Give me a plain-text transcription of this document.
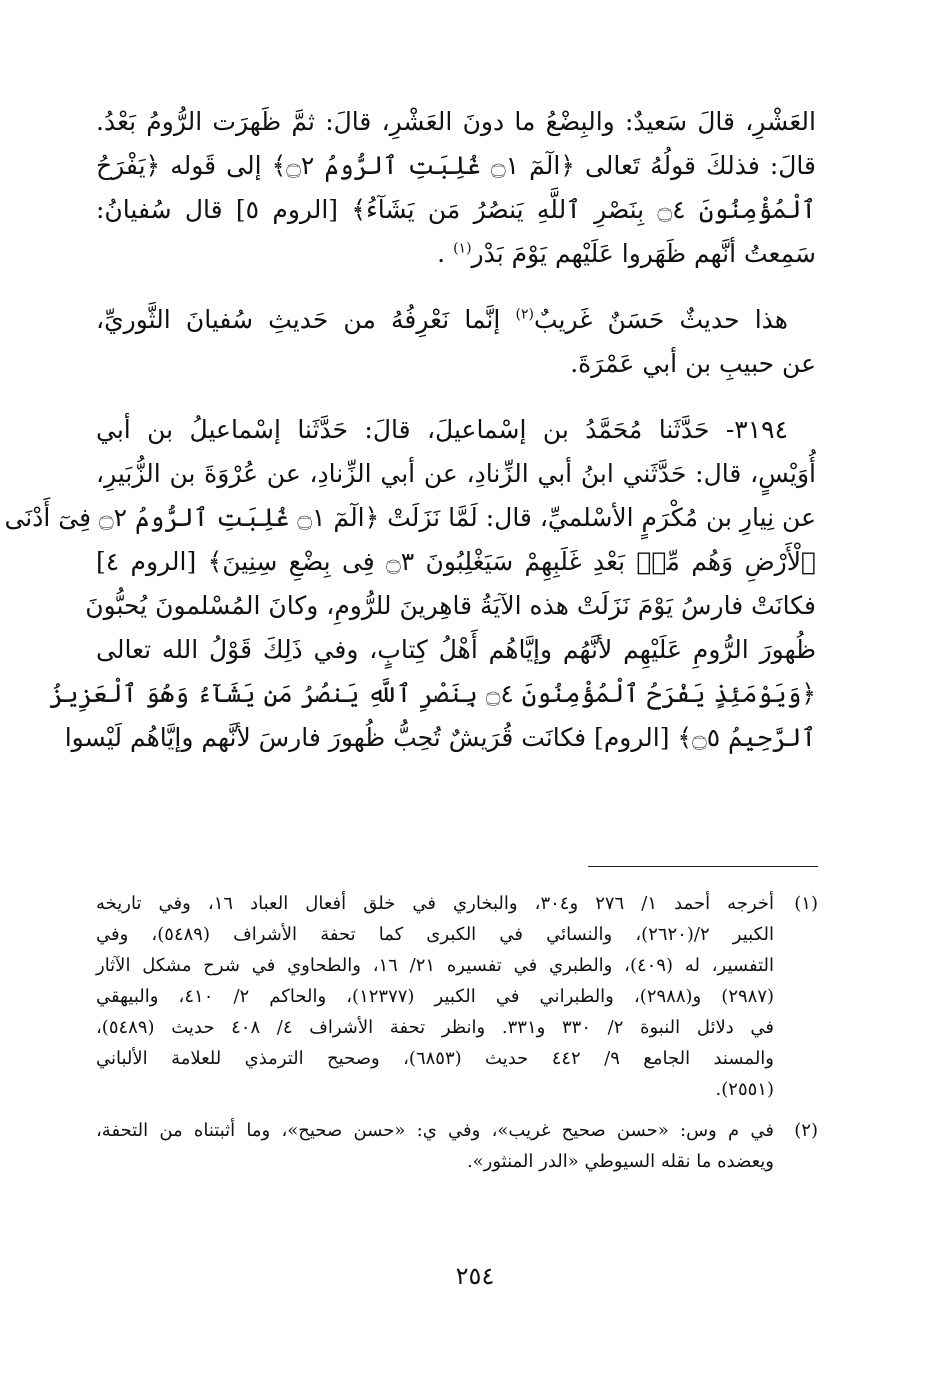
العَشْرِ، قالَ سَعيدٌ: والبِضْعُ ما دونَ العَشْرِ، قالَ: ثمَّ ظَهرَت الرُّومُ بَعْدُ.
قالَ: فذلكَ قولُهُ تَعالى ﴿الٓمٓ ۝١ غُلِبَتِ ٱلرُّومُ ۝٢﴾ إلى قَوله ﴿يَفْرَحُ
ٱلْمُؤْمِنُونَ ۝٤ بِنَصْرِ ٱللَّهِ يَنصُرُ مَن يَشَآءُ﴾ [الروم ٥] قال سُفيانُ:
سَمِعتُ أنَّهم ظَهَروا عَلَيْهم يَوْمَ بَدْر$^{(١)}$ .

هذا حديثٌ حَسَنٌ غَريبٌ$^{(٢)}$ إنَّما نَعْرِفُهُ من حَديثِ سُفيانَ الثَّوريِّ،
عن حبيبِ بن أبي عَمْرَةَ.

٣١٩٤- حَدَّثَنا مُحَمَّدُ بن إسْماعيلَ، قالَ: حَدَّثَنا إسْماعيلُ بن أبي
أُوَيْسٍ، قال: حَدَّثَني ابنُ أبي الزِّنادِ، عن أبي الزِّنادِ، عن عُرْوَةَ بن الزُّبَيرِ،
عن نِيارِ بن مُكْرَمٍ الأسْلميِّ، قال: لَمَّا نَزَلَتْ ﴿الٓمٓ ۝١ غُلِبَتِ ٱلرُّومُ ۝٢ فِىٓ أَدْنَى
ٱلْأَرْضِ وَهُم مِّنۢ بَعْدِ غَلَبِهِمْ سَيَغْلِبُونَ ۝٣ فِى بِضْعِ سِنِينَ﴾ [الروم ٤]
فكانَتْ فارسُ يَوْمَ نَزَلَتْ هذه الآيَةُ قاهِرينَ للرُّومِ، وكانَ المُسْلمونَ يُحبُّونَ
ظُهورَ الرُّومِ عَلَيْهِم لأنَّهُم وإيَّاهُم أَهْلُ كِتابٍ، وفي ذَلِكَ قَوْلُ الله تعالى
﴿وَيَوْمَئِذٍ يَفْرَحُ ٱلْمُؤْمِنُونَ ۝٤ بِنَصْرِ ٱللَّهِ يَنصُرُ مَن يَشَآءُ وَهُوَ ٱلْعَزِيزُ
ٱلرَّحِيمُ ۝٥﴾ [الروم] فكانَت قُرَيشٌ تُحِبُّ ظُهورَ فارسَ لأنَّهم وإيَّاهُم لَيْسوا

(١)
أخرجه أحمد ١/ ٢٧٦ و٣٠٤، والبخاري في خلق أفعال العباد ١٦، وفي تاريخه
الكبير ٢/(٢٦٢٠)، والنسائي في الكبرى كما تحفة الأشراف (٥٤٨٩)، وفي
التفسير، له (٤٠٩)، والطبري في تفسيره ٢١/ ١٦، والطحاوي في شرح مشكل الآثار
(٢٩٨٧) و(٢٩٨٨)، والطبراني في الكبير (١٢٣٧٧)، والحاكم ٢/ ٤١٠، والبيهقي
في دلائل النبوة ٢/ ٣٣٠ و٣٣١. وانظر تحفة الأشراف ٤/ ٤٠٨ حديث (٥٤٨٩)،
والمسند الجامع ٩/ ٤٤٢ حديث (٦٨٥٣)، وصحيح الترمذي للعلامة الألباني
(٢٥٥١).
(٢)
في م وس: «حسن صحيح غريب»، وفي ي: «حسن صحيح»، وما أثبتناه من التحفة،
ويعضده ما نقله السيوطي «الدر المنثور».
٢٥٤
